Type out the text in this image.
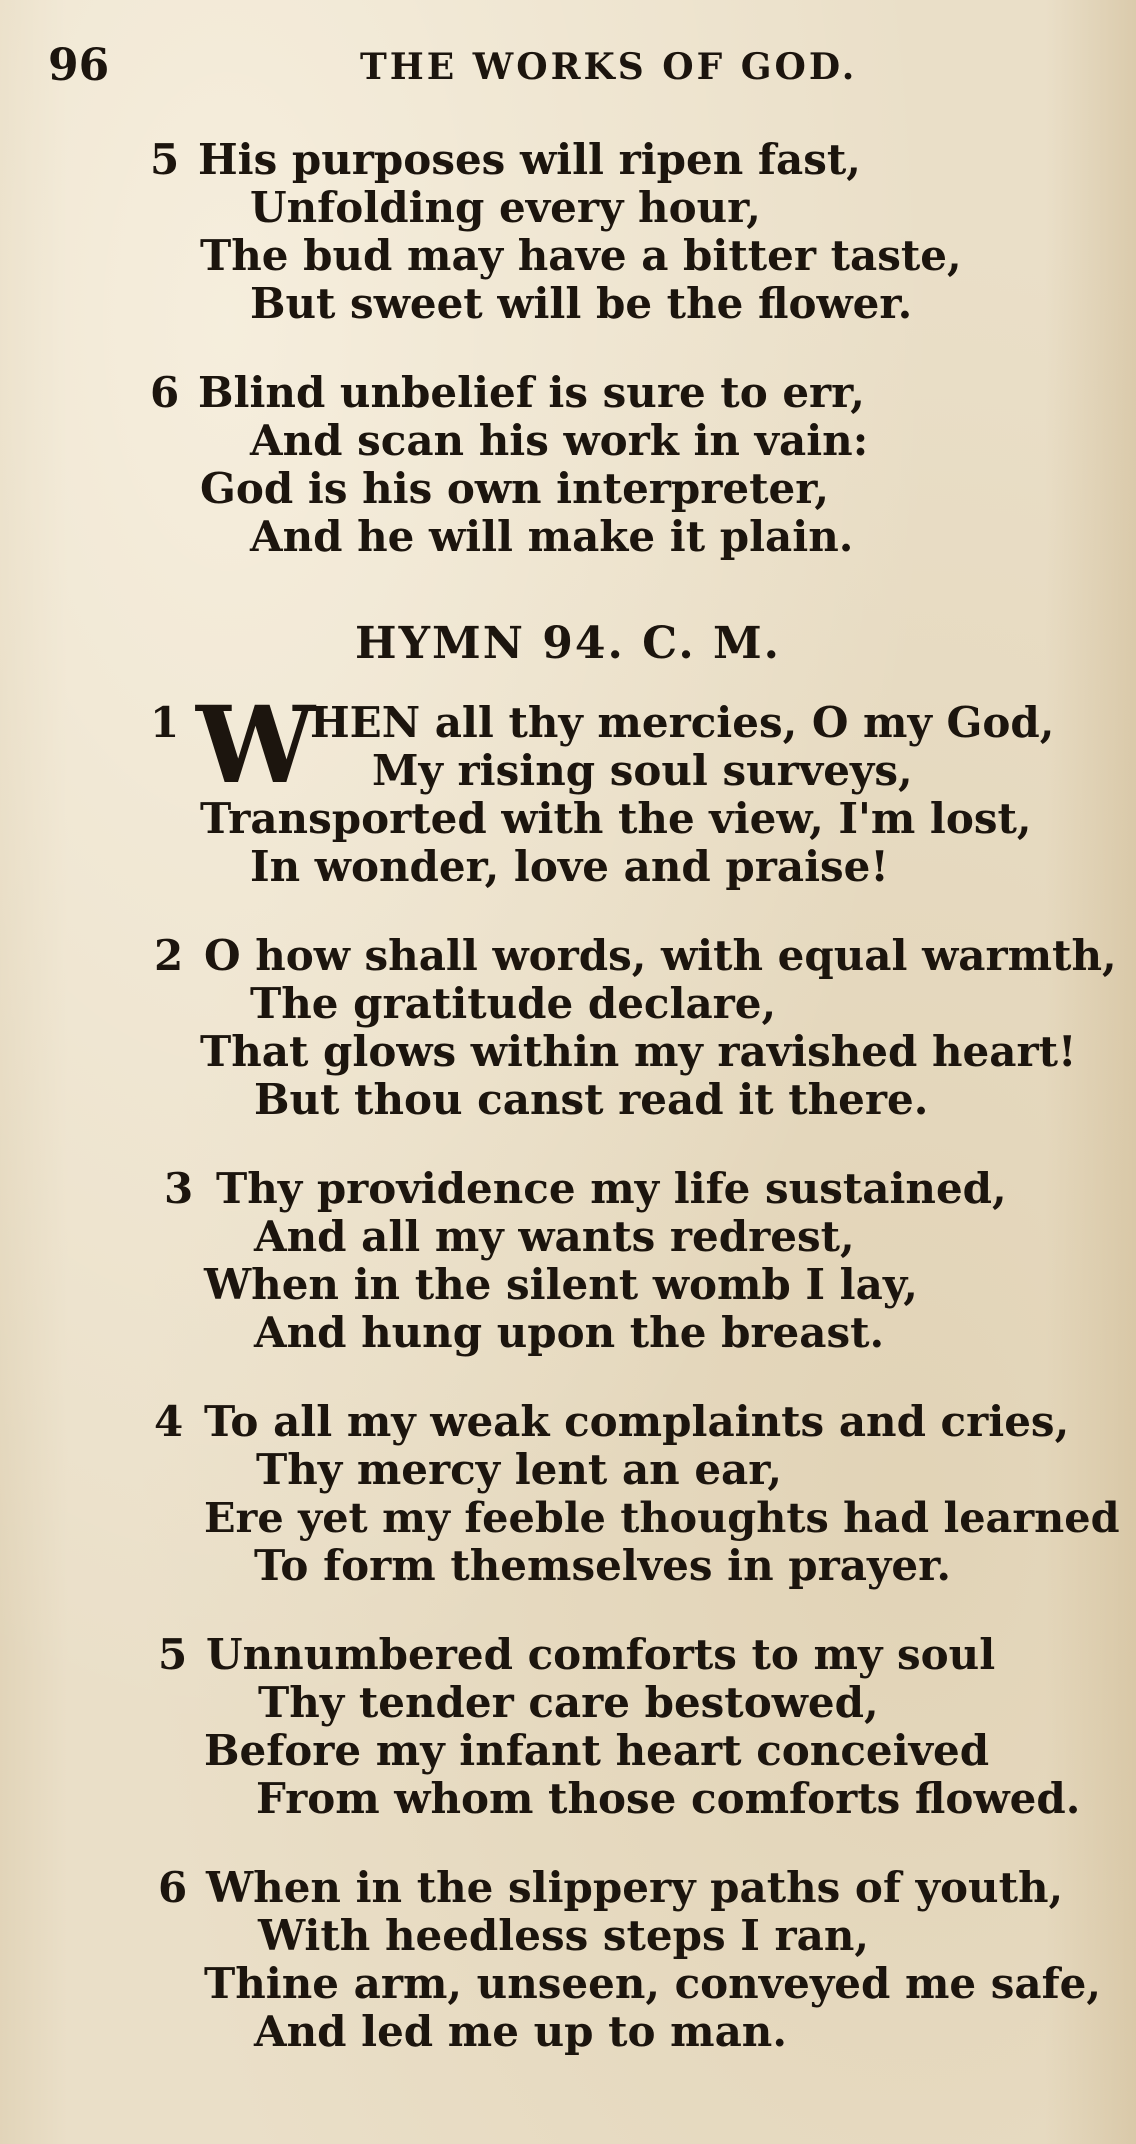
96	THE WORKS OF GOD.
5 His purposes will ripen fast,
Unfolding every hour,
The bud may have a bitter taste,
But sweet will be the flower.
6 Blind unbelief is sure to err,
And scan his work in vain:
God is his own interpreter,
And he will make it plain.
HYMN 94. C. M.
1 W
HEN all thy mercies, O my God,
My rising soul surveys,
Transported with the view, I'm lost,
In wonder, love and praise!
2 O how shall words, with equal warmth,
The gratitude declare,
That glows within my ravished heart!
But thou canst read it there.
3 Thy providence my life sustained,
And all my wants redrest,
When in the silent womb I lay,
And hung upon the breast.
4 To all my weak complaints and cries,
Thy mercy lent an ear,
Ere yet my feeble thoughts had learned
To form themselves in prayer.
5 Unnumbered comforts to my soul
Thy tender care bestowed,
Before my infant heart conceived
From whom those comforts flowed.
6 When in the slippery paths of youth,
With heedless steps I ran,
Thine arm, unseen, conveyed me safe,
And led me up to man.
